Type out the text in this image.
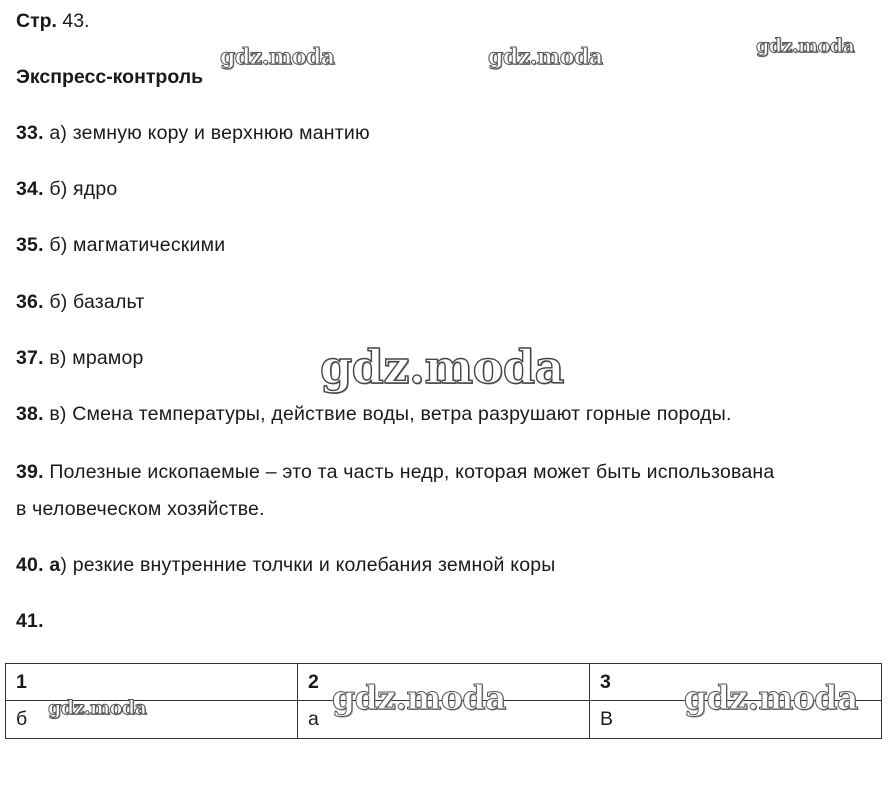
Стр. 43.
Экспресс-контроль
33. а) земную кору и верхнюю мантию
34. б) ядро
35. б) магматическими
36. б) базальт
37. в) мрамор
38. в) Смена температуры, действие воды, ветра разрушают горные породы.
39. Полезные ископаемые – это та часть недр, которая может быть использована
в человеческом хозяйстве.
40. а) резкие внутренние толчки и колебания земной коры
41.
1	2	3
б	а	В
gdz.moda	gdz.moda	gdz.moda
gdz.moda
gdz.moda	gdz.moda	gdz.moda
